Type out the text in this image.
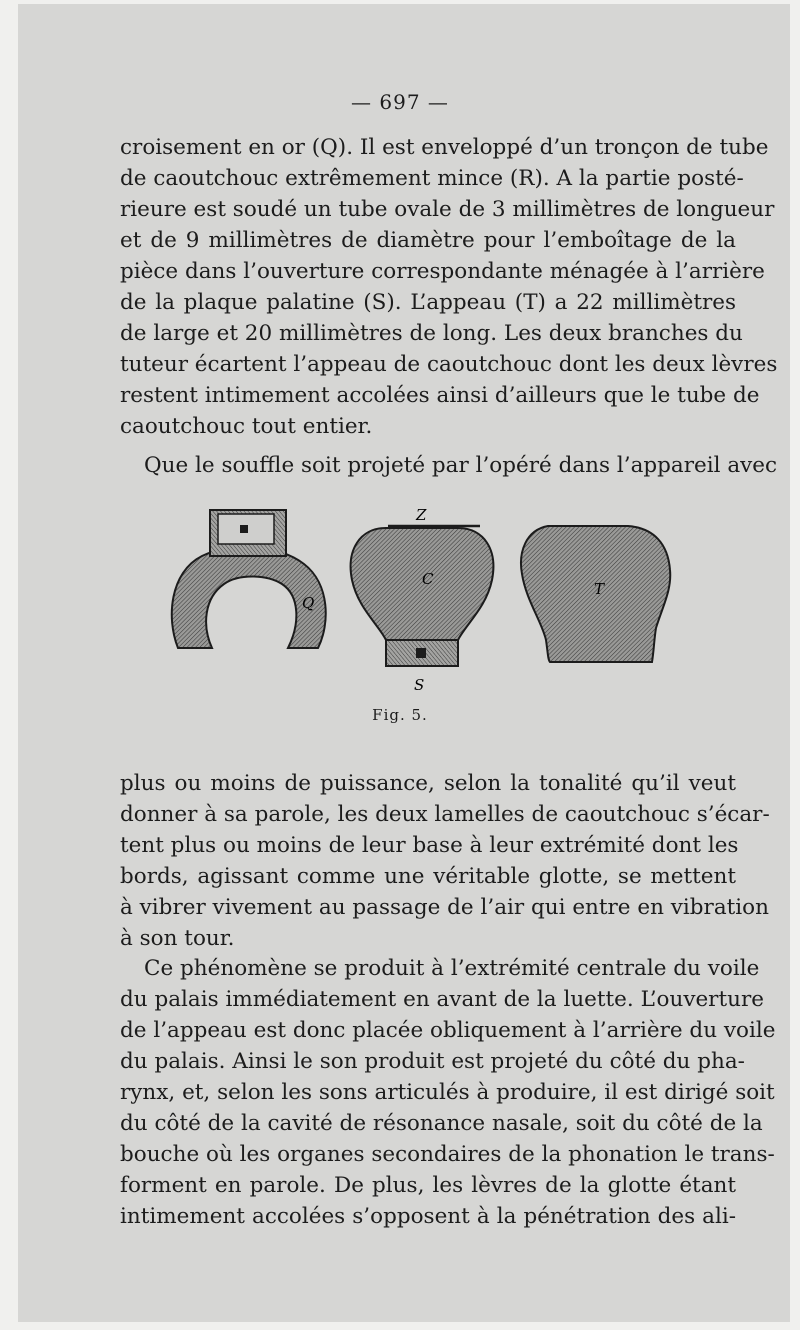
— 697 —
croisement en or (Q). Il est enveloppé d’un tronçon de tube
de caoutchouc extrêmement mince (R). A la partie posté-
rieure est soudé un tube ovale de 3 millimètres de longueur
et de 9 millimètres de diamètre pour l’emboîtage de la
pièce dans l’ouverture correspondante ménagée à l’arrière
de la plaque palatine (S). L’appeau (T) a 22 millimètres
de large et 20 millimètres de long. Les deux branches du
tuteur écartent l’appeau de caoutchouc dont les deux lèvres
restent intimement accolées ainsi d’ailleurs que le tube de
caoutchouc tout entier.
Que le souffle soit projeté par l’opéré dans l’appareil avec
Q
Z
C
S
T
Fig. 5.
plus ou moins de puissance, selon la tonalité qu’il veut
donner à sa parole, les deux lamelles de caoutchouc s’écar-
tent plus ou moins de leur base à leur extrémité dont les
bords, agissant comme une véritable glotte, se mettent
à vibrer vivement au passage de l’air qui entre en vibration
à son tour.
Ce phénomène se produit à l’extrémité centrale du voile
du palais immédiatement en avant de la luette. L’ouverture
de l’appeau est donc placée obliquement à l’arrière du voile
du palais. Ainsi le son produit est projeté du côté du pha-
rynx, et, selon les sons articulés à produire, il est dirigé soit
du côté de la cavité de résonance nasale, soit du côté de la
bouche où les organes secondaires de la phonation le trans-
forment en parole. De plus, les lèvres de la glotte étant
intimement accolées s’opposent à la pénétration des ali-
